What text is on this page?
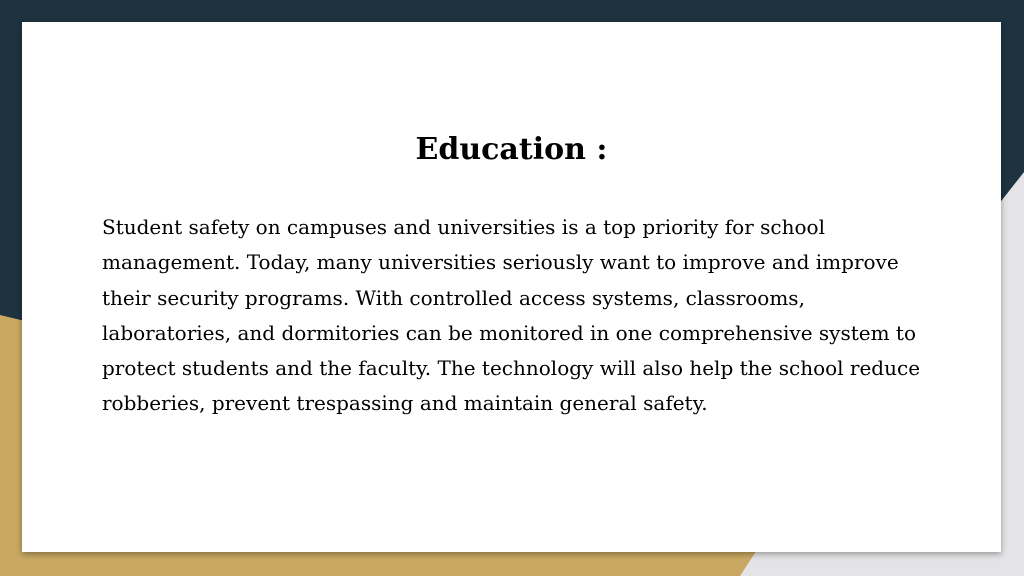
Education :

Student safety on campuses and universities is a top priority for school management. Today, many universities seriously want to improve and improve their security programs. With controlled access systems, classrooms, laboratories, and dormitories can be monitored in one comprehensive system to protect students and the faculty. The technology will also help the school reduce robberies, prevent trespassing and maintain general safety.
